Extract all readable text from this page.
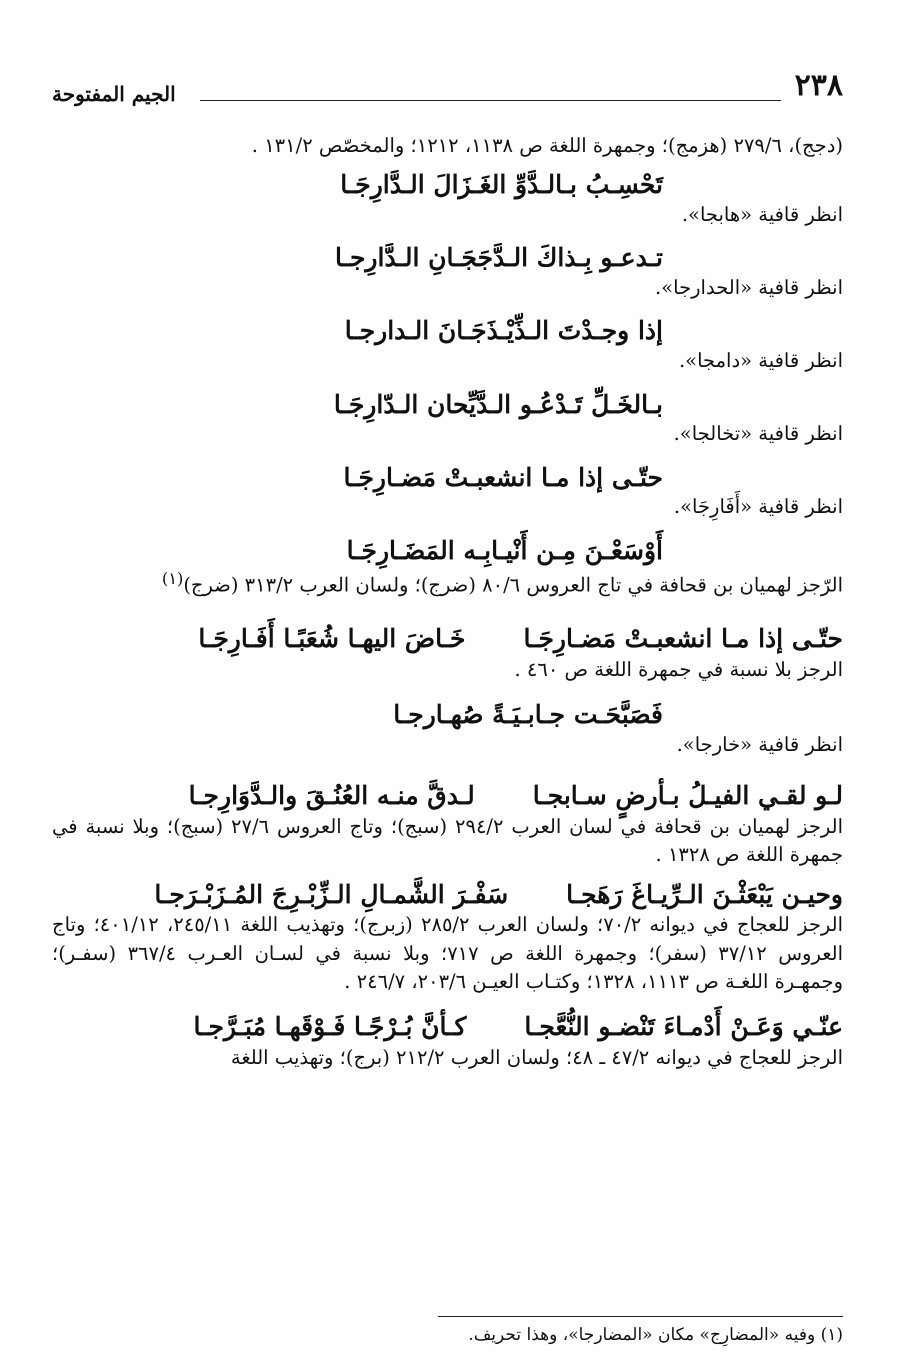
٢٣٨
الجيم المفتوحة

(دجج)، ٢٧٩/٦ (هزمج)؛ وجمهرة اللغة ص ١١٣٨، ١٢١٢؛ والمخصّص ١٣١/٢ .

تَحْسِـبُ بـالـدَّوِّ الغَـزَالَ الـدَّارِجَـا

انظر قافية «هابجا».

تـدعـو بِـذاكَ الـدَّجَجَـانِ الـدَّارِجـا

انظر قافية «الحدارجا».

إذا وجـدْتَ الـذِّيْـذَجَـانَ الـدارجـا

انظر قافية «دامجا».

بـالخَـلِّ تَـدْعُـو الـدَّيِّحان الـدّارِجَـا

انظر قافية «تخالجا».

حتّـى إذا مـا انشعبـتْ مَضـارِجَـا

انظر قافية «أَفَارِجَا».

أَوْسَعْـنَ مِـن أَنْيـابِـه المَضَـارِجَـا

الرّجز لهميان بن قحافة في تاج العروس ٨٠/٦ (ضرج)؛ ولسان العرب ٣١٣/٢ (ضرج)$^{(١)}$

حتّـى إذا مـا انشعبـتْ مَضـارِجَـا
خَـاضَ اليهـا شُعَبًـا أَفَـارِجَـا

الرجز بلا نسبة في جمهرة اللغة ص ٤٦٠ .

فَصَبَّحَـت جـابـيَـةً صُهـارجـا

انظر قافية «خارجا».

لـو لقـي الفيـلُ بـأرضٍ سـابجـا
لـدقَّ منـه العُنُـقَ والـدَّوَارِجـا

الرجز لهميان بن قحافة في لسان العرب ٢٩٤/٢ (سبج)؛ وتاج العروس ٢٧/٦ (سبج)؛ وبلا نسبة في جمهرة اللغة ص ١٣٢٨ .

وحيـن يَبْعَثْـنَ الـرِّيـاغَ رَهَجـا
سَفْـرَ الشَّمـالِ الـزِّبْـرِجَ المُـزَبْـرَجـا

الرجز للعجاج في ديوانه ٧٠/٢؛ ولسان العرب ٢٨٥/٢ (زبرج)؛ وتهذيب اللغة ٢٤٥/١١، ٤٠١/١٢؛ وتاج العروس ٣٧/١٢ (سفر)؛ وجمهرة اللغة ص ٧١٧؛ وبلا نسبة في لسـان العـرب ٣٦٧/٤ (سفـر)؛ وجمهـرة اللغـة ص ١١١٣، ١٣٢٨؛ وكتـاب العيـن ٢٠٣/٦، ٢٤٦/٧ .

عنّـي وَعَـنْ أَدْمـاءَ تَنْضـو النُّعَّجـا
كـأنَّ بُـرْجًـا فَـوْقَهـا مُبَـرَّجـا

الرجز للعجاج في ديوانه ٤٧/٢ ـ ٤٨؛ ولسان العرب ٢١٢/٢ (برج)؛ وتهذيب اللغة

(١) وفيه «المضارِج» مكان «المضارجا»، وهذا تحريف.
